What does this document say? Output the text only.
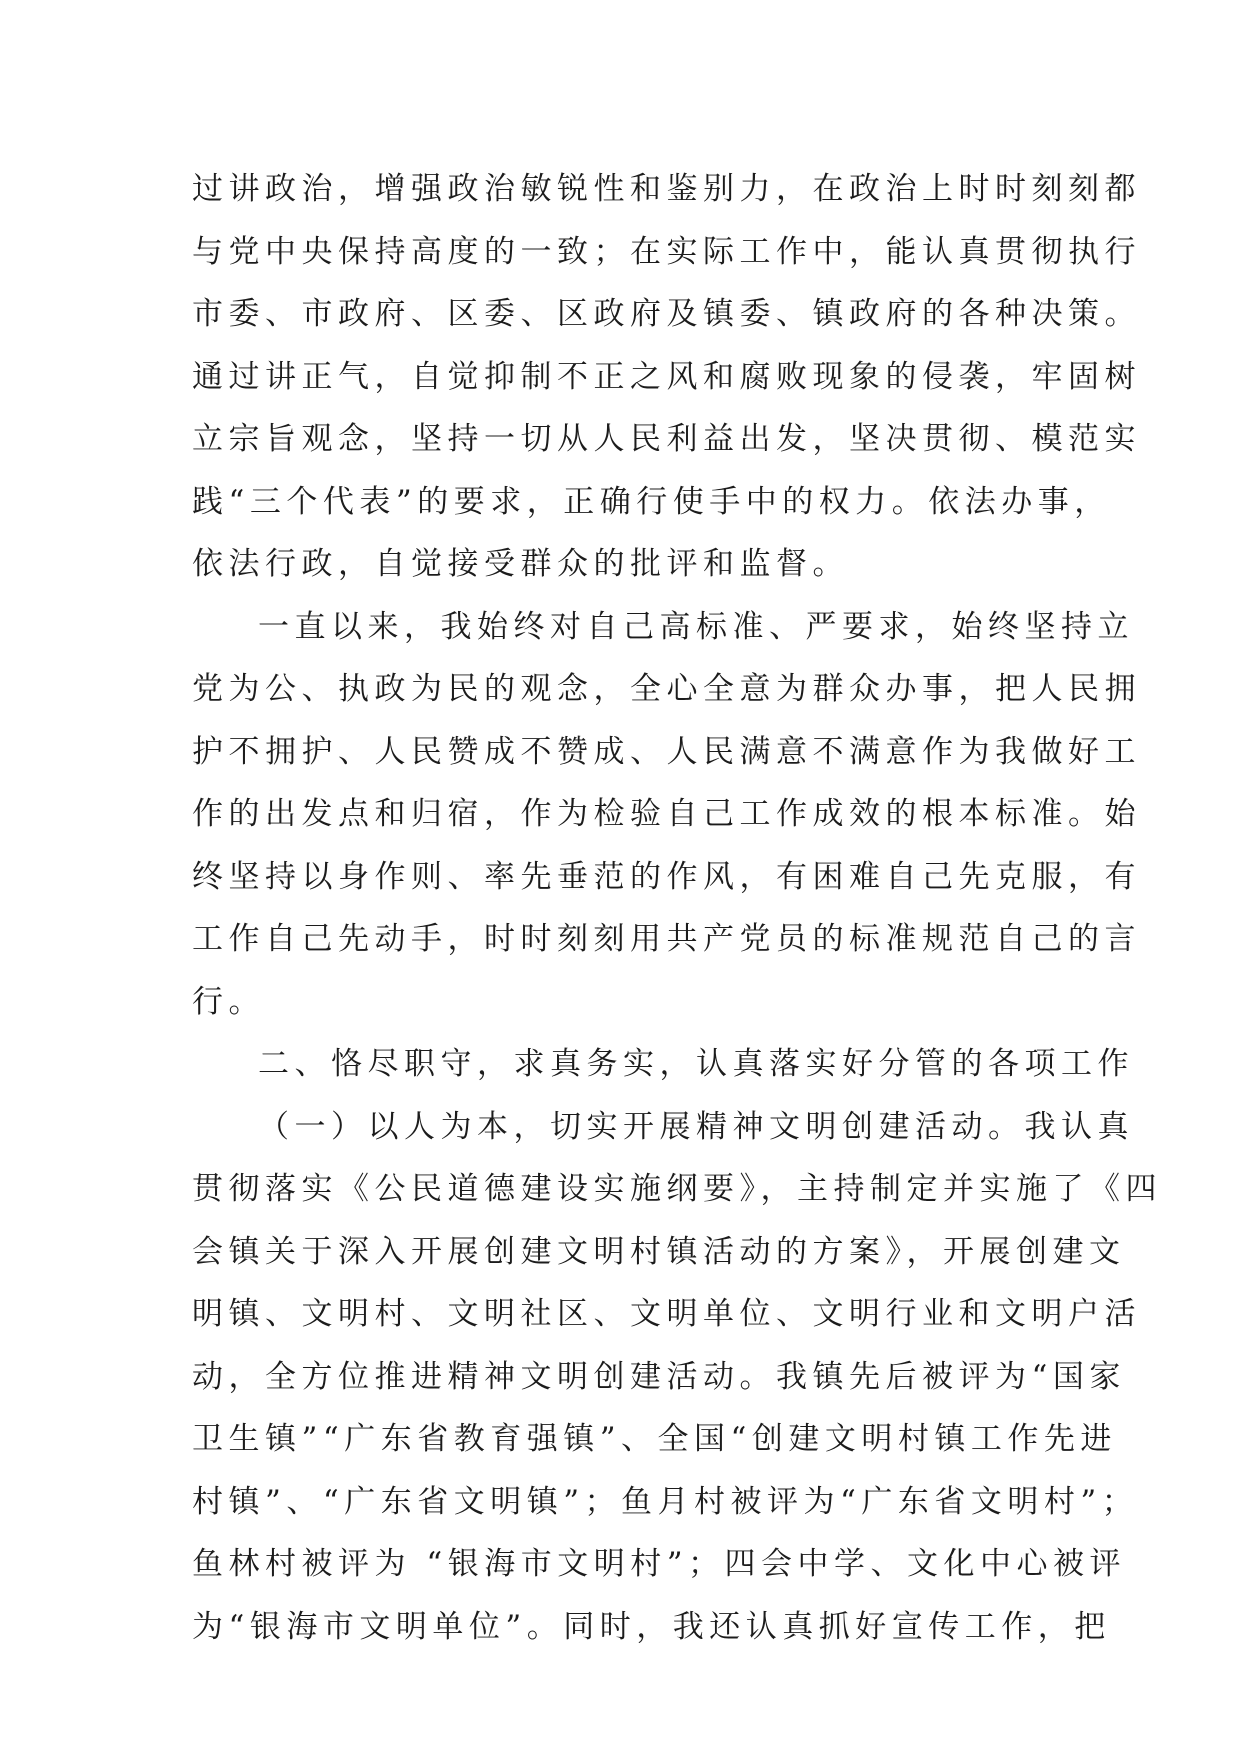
过讲政治，增强政治敏锐性和鉴别力，在政治上时时刻刻都
与党中央保持高度的一致；在实际工作中，能认真贯彻执行
市委、市政府、区委、区政府及镇委、镇政府的各种决策。
通过讲正气，自觉抑制不正之风和腐败现象的侵袭，牢固树
立宗旨观念，坚持一切从人民利益出发，坚决贯彻、模范实
践“三个代表”的要求，正确行使手中的权力。依法办事，
依法行政，自觉接受群众的批评和监督。
一直以来，我始终对自己高标准、严要求，始终坚持立
党为公、执政为民的观念，全心全意为群众办事，把人民拥
护不拥护、人民赞成不赞成、人民满意不满意作为我做好工
作的出发点和归宿，作为检验自己工作成效的根本标准。始
终坚持以身作则、率先垂范的作风，有困难自己先克服，有
工作自己先动手，时时刻刻用共产党员的标准规范自己的言
行。
二、恪尽职守，求真务实，认真落实好分管的各项工作
（一）以人为本，切实开展精神文明创建活动。我认真
贯彻落实《公民道德建设实施纲要》，主持制定并实施了《四
会镇关于深入开展创建文明村镇活动的方案》，开展创建文
明镇、文明村、文明社区、文明单位、文明行业和文明户活
动，全方位推进精神文明创建活动。我镇先后被评为“国家
卫生镇”“广东省教育强镇”、全国“创建文明村镇工作先进
村镇”、“广东省文明镇”；鱼月村被评为“广东省文明村”；
鱼林村被评为 “银海市文明村”；四会中学、文化中心被评
为“银海市文明单位”。同时，我还认真抓好宣传工作，把
